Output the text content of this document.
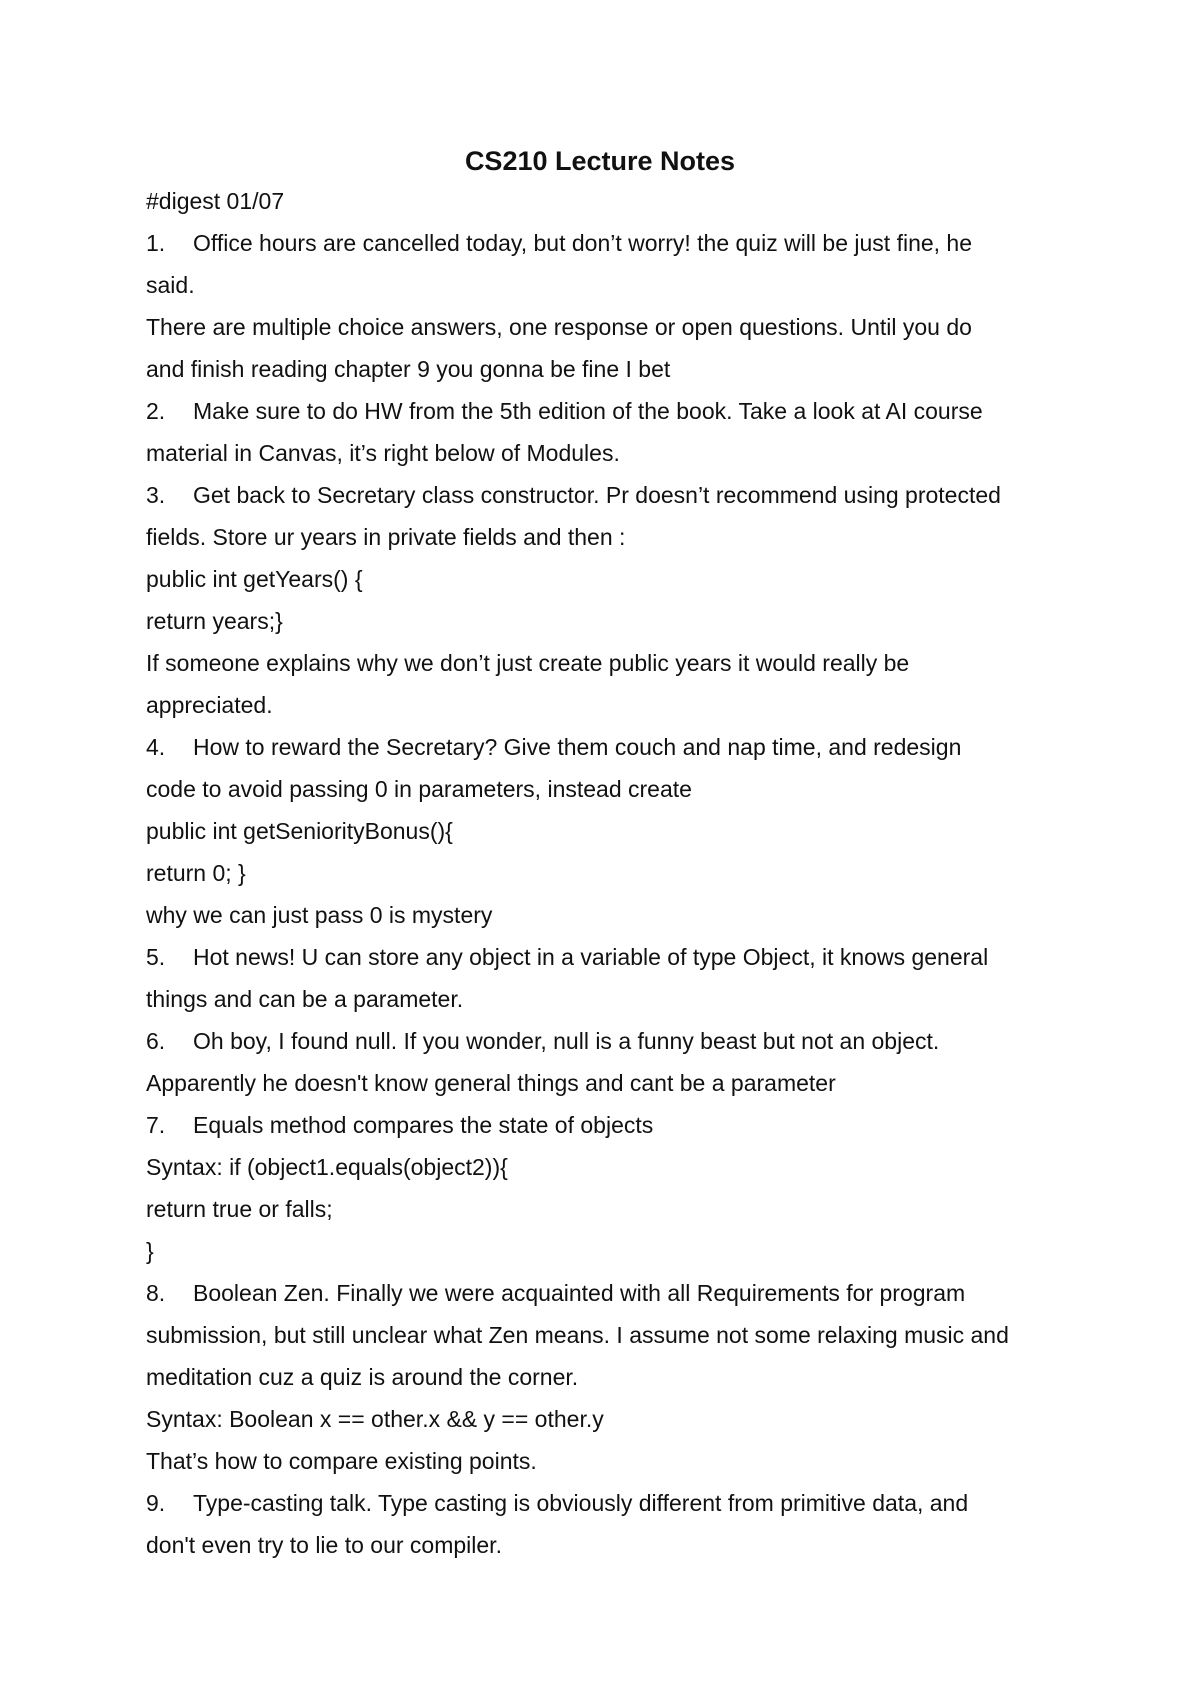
CS210 Lecture Notes
#digest 01/07
1. Office hours are cancelled today, but don’t worry! the quiz will be just fine, he
said.
There are multiple choice answers, one response or open questions. Until you do
and finish reading chapter 9 you gonna be fine I bet
2. Make sure to do HW from the 5th edition of the book. Take a look at AI course
material in Canvas, it’s right below of Modules.
3. Get back to Secretary class constructor. Pr doesn’t recommend using protected
fields. Store ur years in private fields and then :
public int getYears() {
return years;}
If someone explains why we don’t just create public years it would really be
appreciated.
4. How to reward the Secretary? Give them couch and nap time, and redesign
code to avoid passing 0 in parameters, instead create
public int getSeniorityBonus(){
return 0; }
why we can just pass 0 is mystery
5. Hot news! U can store any object in a variable of type Object, it knows general
things and can be a parameter.
6. Oh boy, I found null. If you wonder, null is a funny beast but not an object.
Apparently he doesn't know general things and cant be a parameter
7. Equals method compares the state of objects
Syntax: if (object1.equals(object2)){
return true or falls;
}
8. Boolean Zen. Finally we were acquainted with all Requirements for program
submission, but still unclear what Zen means. I assume not some relaxing music and
meditation cuz a quiz is around the corner.
Syntax: Boolean x == other.x && y == other.y
That’s how to compare existing points.
9. Type-casting talk. Type casting is obviously different from primitive data, and
don't even try to lie to our compiler.
